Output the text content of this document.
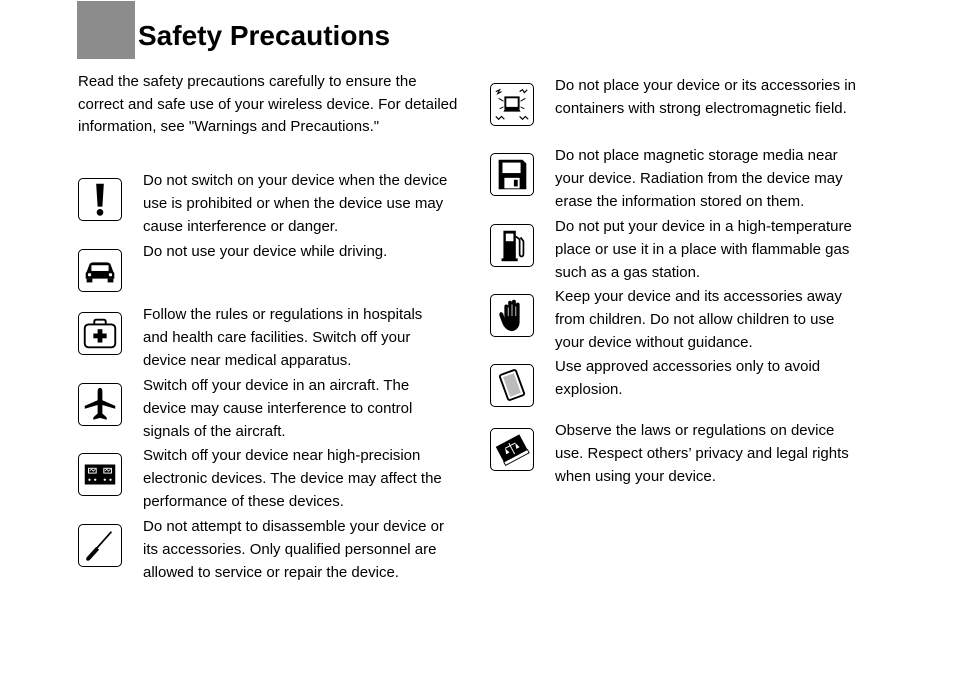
Safety Precautions
Read the safety precautions carefully to ensure the correct and safe use of your wireless device. For detailed information, see "Warnings and Precautions."
Do not switch on your device when the device use is prohibited or when the device use may cause interference or danger.
Do not use your device while driving.
Follow the rules or regulations in hospitals and health care facilities. Switch off your device near medical apparatus.
Switch off your device in an aircraft. The device may cause interference to control signals of the aircraft.
Switch off your device near high-precision electronic devices. The device may affect the performance of these devices.
Do not attempt to disassemble your device or its accessories. Only qualified personnel are allowed to service or repair the device.
Do not place your device or its accessories in containers with strong electromagnetic field.
Do not place magnetic storage media near your device. Radiation from the device may erase the information stored on them.
Do not put your device in a high-temperature place or use it in a place with flammable gas such as a gas station.
Keep your device and its accessories away from children. Do not allow children to use your device without guidance.
Use approved accessories only to avoid explosion.
Observe the laws or regulations on device use. Respect others’ privacy and legal rights when using your device.
